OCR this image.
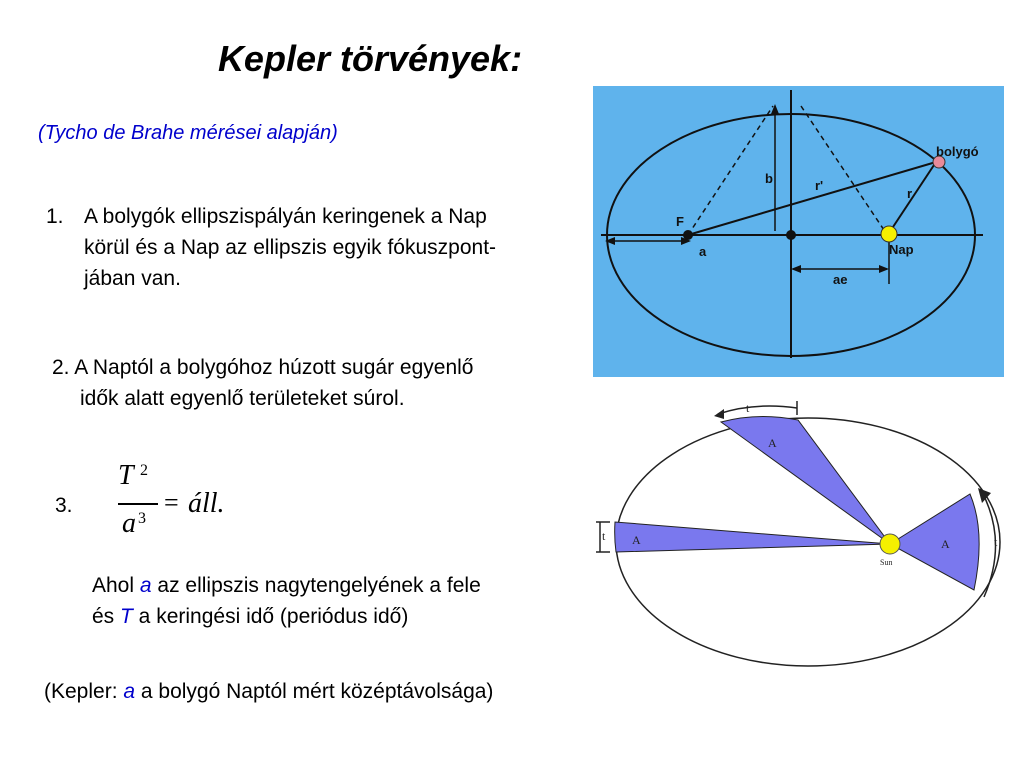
Kepler törvények:
(Tycho de Brahe mérései alapján)
1. A bolygók ellipszispályán keringenek a Nap
körül és a Nap az ellipszis egyik fókuszpont-
jában van.
2. A Naptól a bolygóhoz húzott sugár egyenlő
idők alatt egyenlő területeket súrol.
3.
T 2
a 3
= áll.
Ahol a az ellipszis nagytengelyének a fele
és T a keringési idő (periódus idő)
(Kepler: a a bolygó Naptól mért középtávolsága)
b	r'
r
F
a
ae
Nap
bolygó
A
A	A
t
t	t
Sun
